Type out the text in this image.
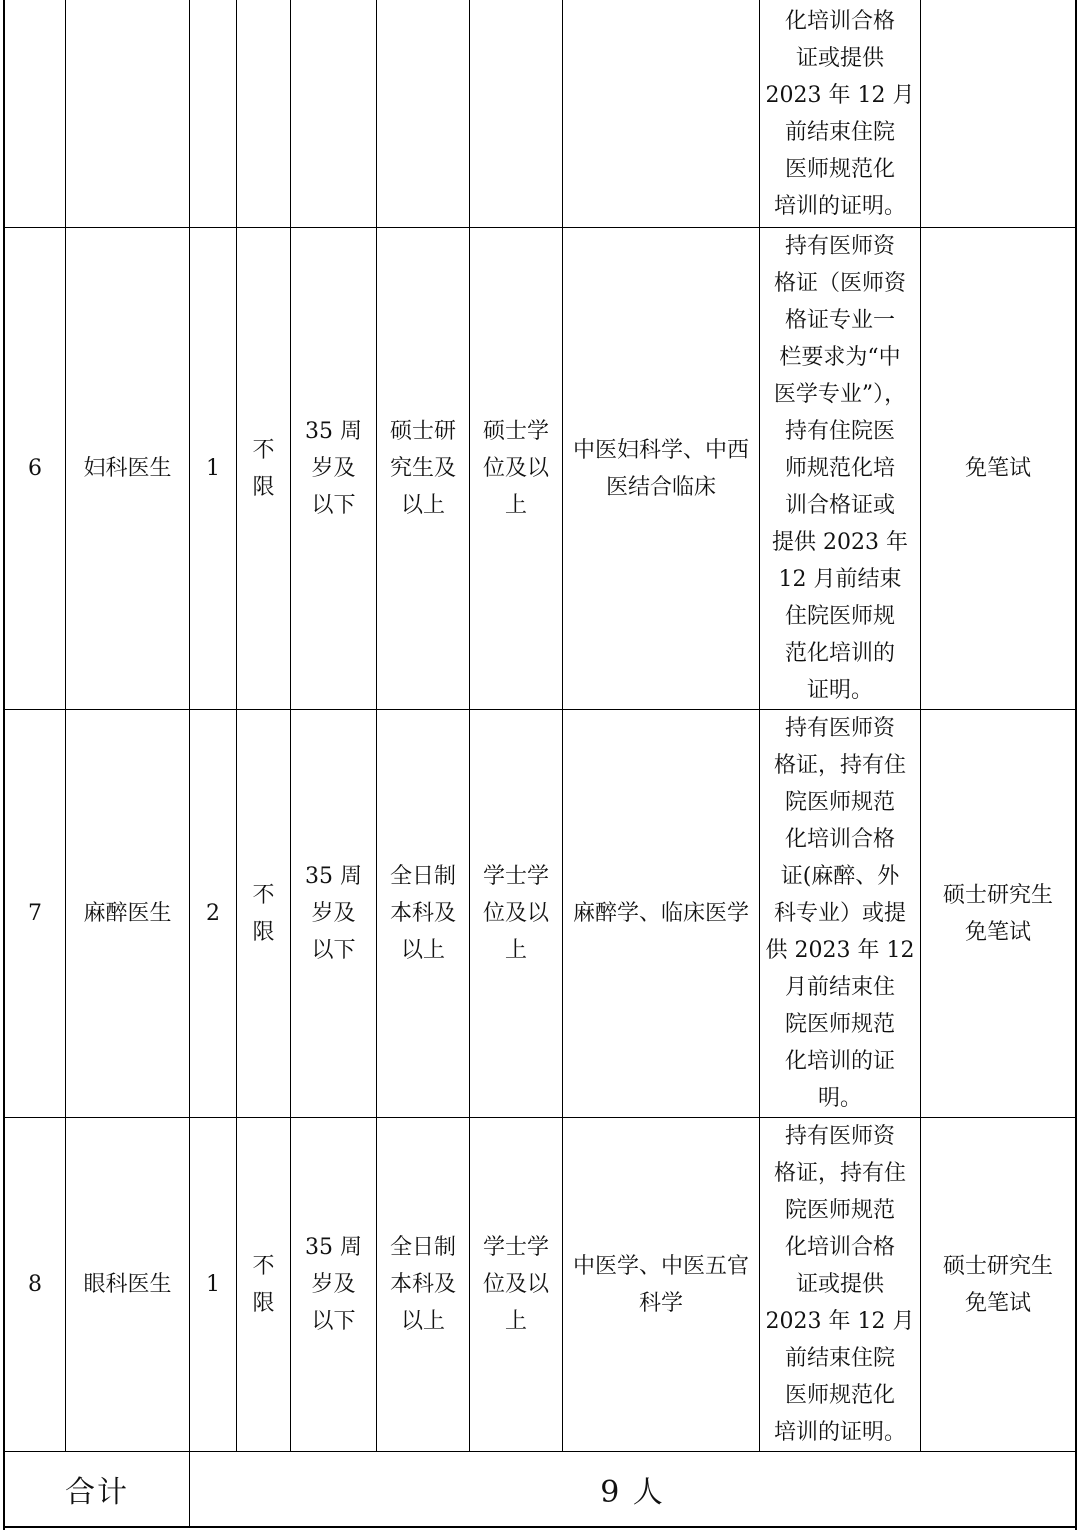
化培训合格
证或提供
2023 年 12 月
前结束住院
医师规范化
培训的证明。
6 妇科医生 1
不
限
35 周
岁及
以下
硕士研
究生及
以上
硕士学
位及以
上
中医妇科学、中西
医结合临床
持有医师资
格证（医师资
格证专业一
栏要求为“中
医学专业”），
持有住院医
师规范化培
训合格证或
提供 2023 年
12 月前结束
住院医师规
范化培训的
证明。
免笔试
7 麻醉医生 2
不
限
35 周
岁及
以下
全日制
本科及
以上
学士学
位及以
上
麻醉学、临床医学
持有医师资
格证，持有住
院医师规范
化培训合格
证(麻醉、外
科专业）或提
供 2023 年 12
月前结束住
院医师规范
化培训的证
明。
硕士研究生
免笔试
8 眼科医生 1
不
限
35 周
岁及
以下
全日制
本科及
以上
学士学
位及以
上
中医学、中医五官
科学
持有医师资
格证，持有住
院医师规范
化培训合格
证或提供
2023 年 12 月
前结束住院
医师规范化
培训的证明。
硕士研究生
免笔试
合计	9 人
